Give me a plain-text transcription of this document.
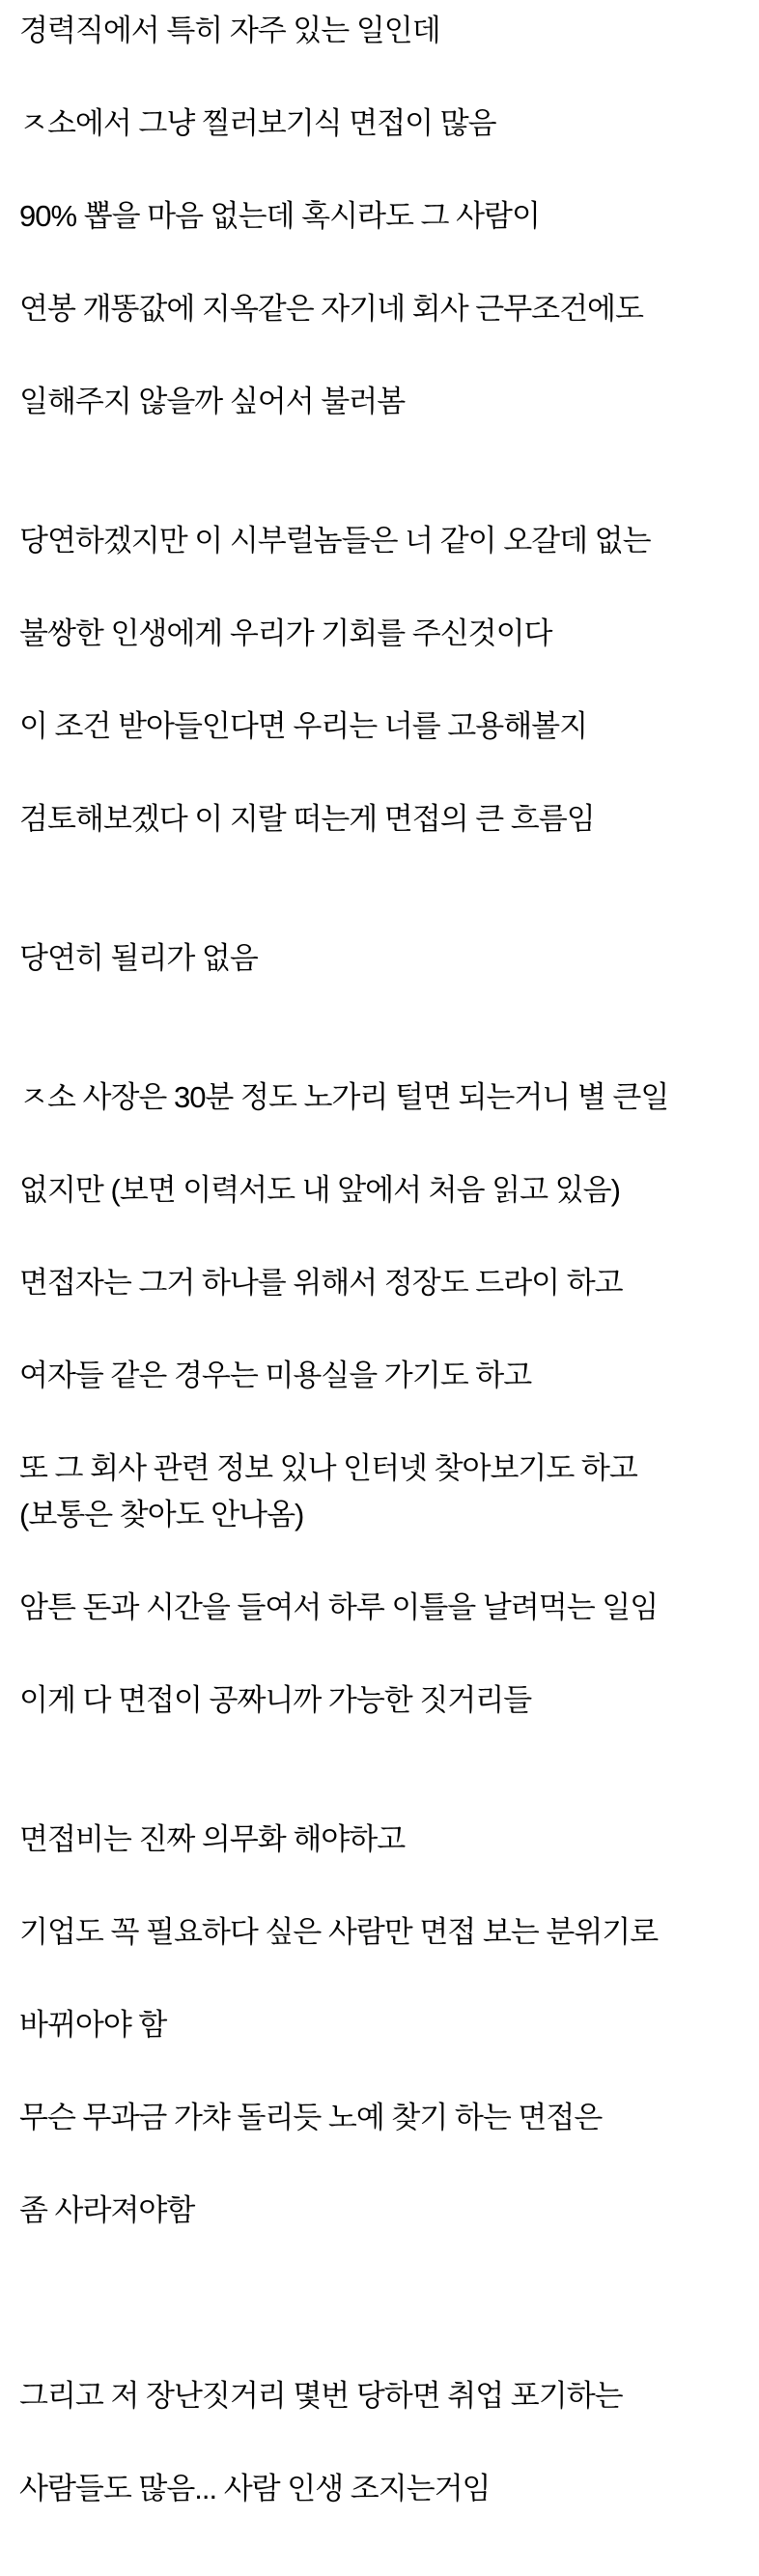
경력직에서 특히 자주 있는 일인데

ㅈ소에서 그냥 찔러보기식 면접이 많음

90% 뽑을 마음 없는데 혹시라도 그 사람이

연봉 개똥값에 지옥같은 자기네 회사 근무조건에도

일해주지 않을까 싶어서 불러봄

당연하겠지만 이 시부럴놈들은 너 같이 오갈데 없는

불쌍한 인생에게 우리가 기회를 주신것이다

이 조건 받아들인다면 우리는 너를 고용해볼지

검토해보겠다 이 지랄 떠는게 면접의 큰 흐름임

당연히 될리가 없음

ㅈ소 사장은 30분 정도 노가리 털면 되는거니 별 큰일

없지만 (보면 이력서도 내 앞에서 처음 읽고 있음)

면접자는 그거 하나를 위해서 정장도 드라이 하고

여자들 같은 경우는 미용실을 가기도 하고

또 그 회사 관련 정보 있나 인터넷 찾아보기도 하고
(보통은 찾아도 안나옴)

암튼 돈과 시간을 들여서 하루 이틀을 날려먹는 일임

이게 다 면접이 공짜니까 가능한 짓거리들

면접비는 진짜 의무화 해야하고

기업도 꼭 필요하다 싶은 사람만 면접 보는 분위기로

바뀌아야 함

무슨 무과금 가챠 돌리듯 노예 찾기 하는 면접은

좀 사라져야함

그리고 저 장난짓거리 몇번 당하면 취업 포기하는

사람들도 많음... 사람 인생 조지는거임
